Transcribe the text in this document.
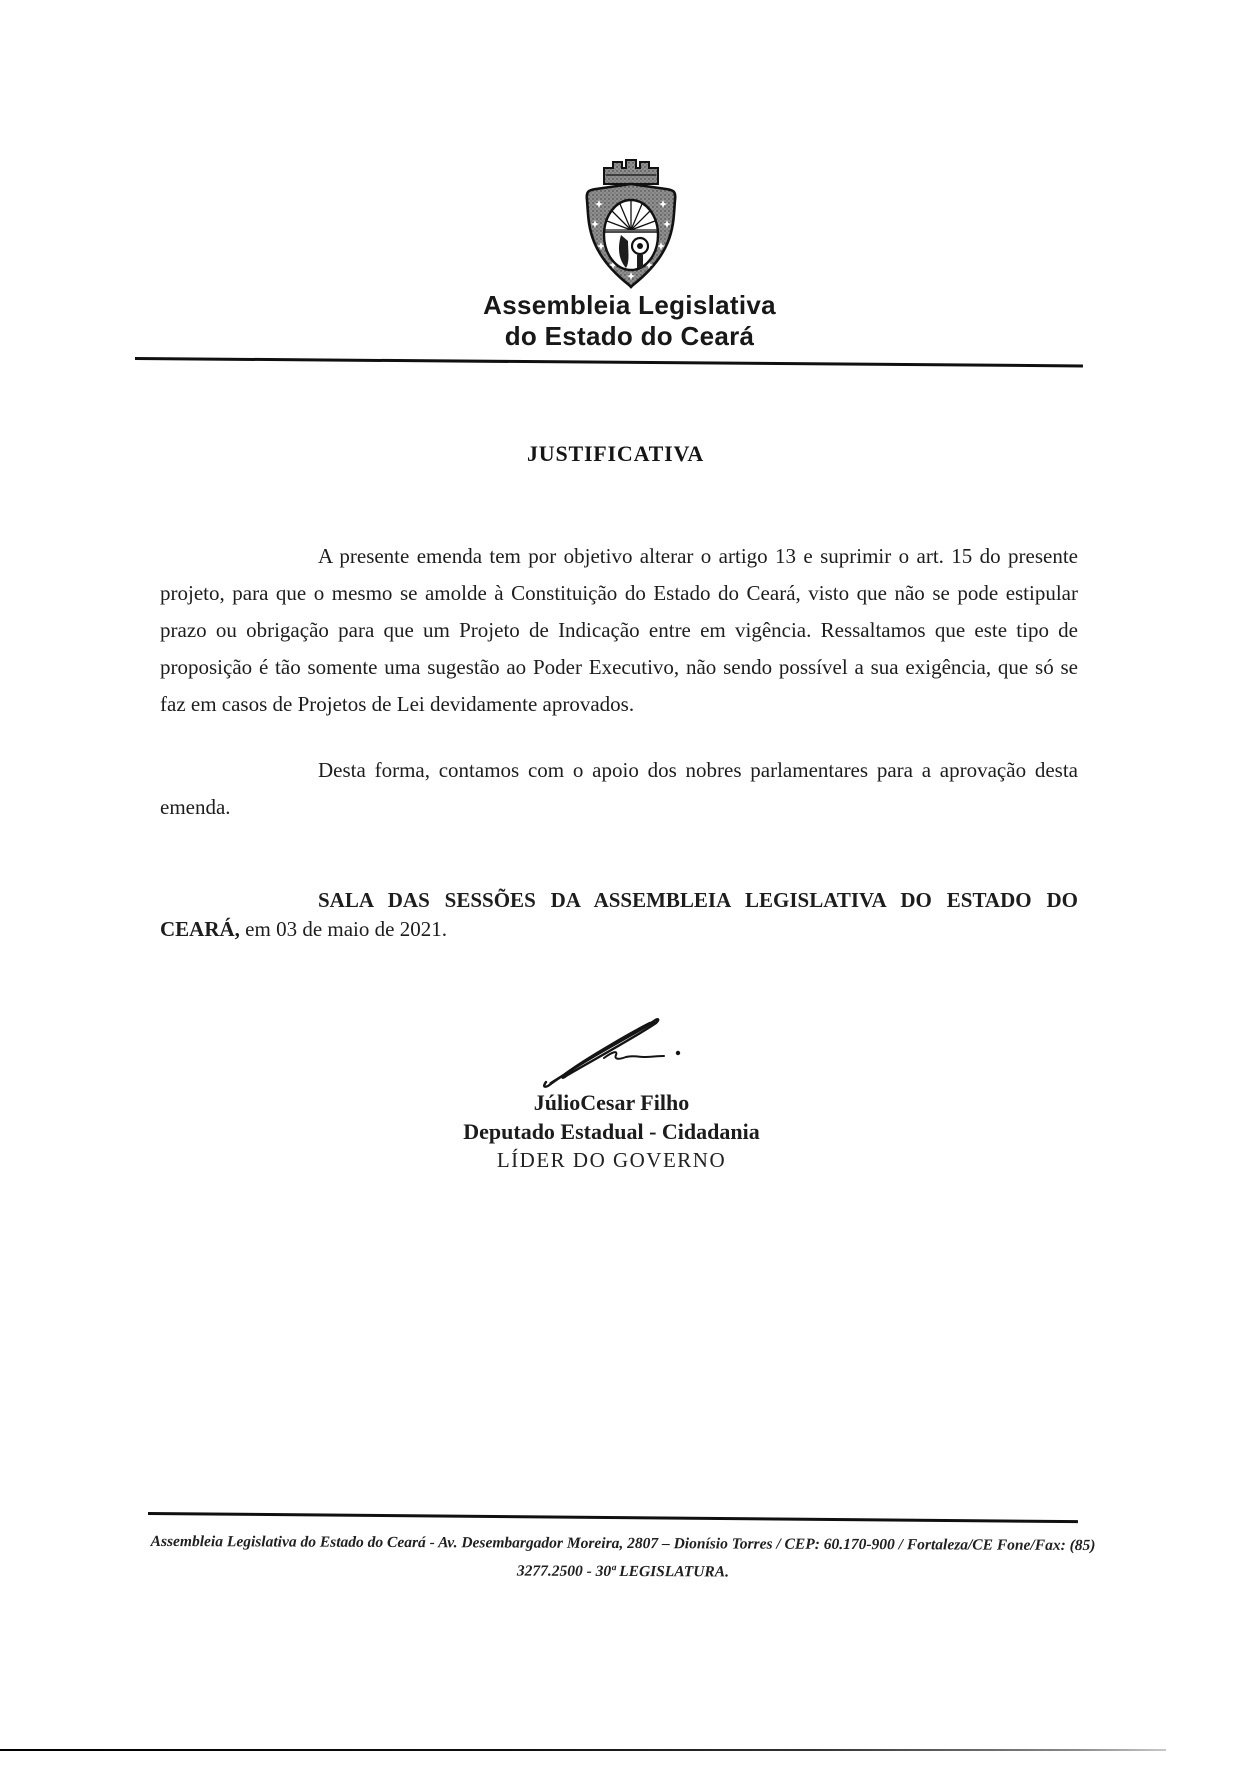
Assembleia Legislativa
do Estado do Ceará
JUSTIFICATIVA

A presente emenda tem por objetivo alterar o artigo 13 e suprimir o art. 15 do presente projeto, para que o mesmo se amolde à Constituição do Estado do Ceará, visto que não se pode estipular prazo ou obrigação para que um Projeto de Indicação entre em vigência. Ressaltamos que este tipo de proposição é tão somente uma sugestão ao Poder Executivo, não sendo possível a sua exigência, que só se faz em casos de Projetos de Lei devidamente aprovados.

Desta forma, contamos com o apoio dos nobres parlamentares para a aprovação desta emenda.

SALA DAS SESSÕES DA ASSEMBLEIA LEGISLATIVA DO ESTADO DO CEARÁ, em 03 de maio de 2021.

JúlioCesar Filho

Deputado Estadual - Cidadania

LÍDER DO GOVERNO

Assembleia Legislativa do Estado do Ceará - Av. Desembargador Moreira, 2807 – Dionísio Torres / CEP: 60.170-900 / Fortaleza/CE Fone/Fax: (85)

3277.2500 - 30ª LEGISLATURA.
